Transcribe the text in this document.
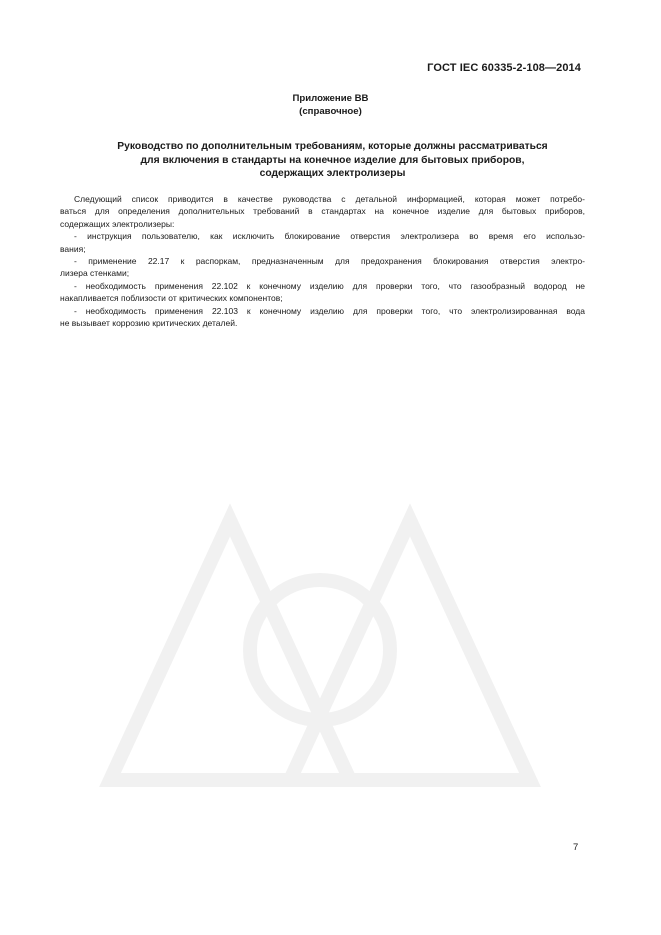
ГОСТ IEC 60335-2-108—2014
Приложение ВВ
(справочное)
Руководство по дополнительным требованиям, которые должны рассматриваться
для включения в стандарты на конечное изделие для бытовых приборов,
содержащих электролизеры

Следующий список приводится в качестве руководства с детальной информацией, которая может потребо-
ваться для определения дополнительных требований в стандартах на конечное изделие для бытовых приборов,
содержащих электролизеры:

- инструкция пользователю, как исключить блокирование отверстия электролизера во время его использо-
вания;

- применение 22.17 к распоркам, предназначенным для предохранения блокирования отверстия электро-
лизера стенками;

- необходимость применения 22.102 к конечному изделию для проверки того, что газообразный водород не
накапливается поблизости от критических компонентов;

- необходимость применения 22.103 к конечному изделию для проверки того, что электролизированная вода
не вызывает коррозию критических деталей.

7
